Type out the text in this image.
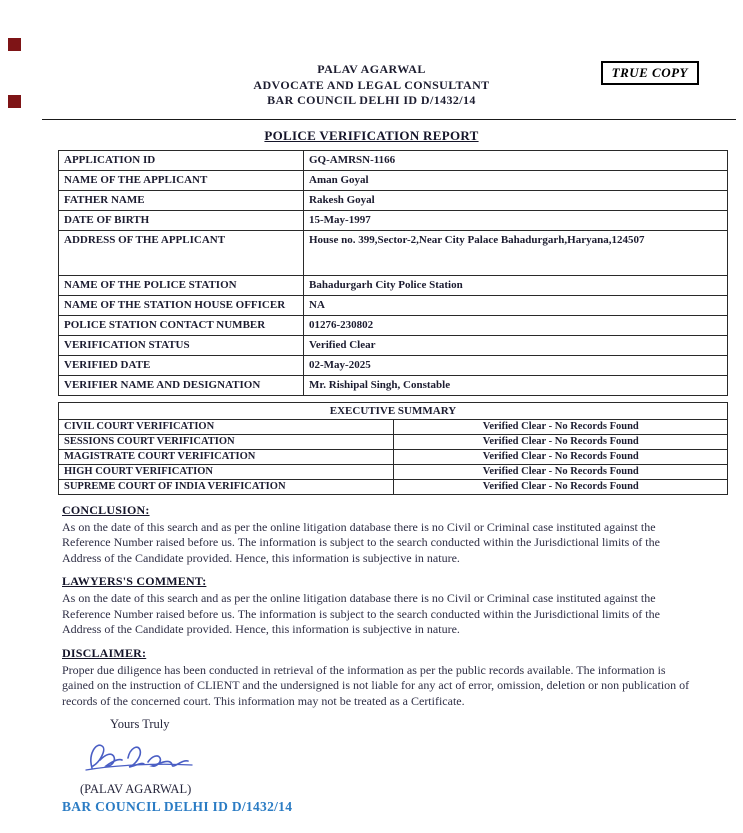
TRUE COPY
PALAV AGARWAL
ADVOCATE AND LEGAL CONSULTANT
BAR COUNCIL DELHI ID D/1432/14
POLICE VERIFICATION REPORT
APPLICATION ID	GQ-AMRSN-1166
NAME OF THE APPLICANT	Aman Goyal
FATHER NAME	Rakesh Goyal
DATE OF BIRTH	15-May-1997
ADDRESS OF THE APPLICANT	House no. 399,Sector-2,Near City Palace Bahadurgarh,Haryana,124507
NAME OF THE POLICE STATION	Bahadurgarh City Police Station
NAME OF THE STATION HOUSE OFFICER	NA
POLICE STATION CONTACT NUMBER	01276-230802
VERIFICATION STATUS	Verified Clear
VERIFIED DATE	02-May-2025
VERIFIER NAME AND DESIGNATION	Mr. Rishipal Singh, Constable
EXECUTIVE SUMMARY	
CIVIL COURT VERIFICATION	Verified Clear - No Records Found
SESSIONS COURT VERIFICATION	Verified Clear - No Records Found
MAGISTRATE COURT VERIFICATION	Verified Clear - No Records Found
HIGH COURT VERIFICATION	Verified Clear - No Records Found
SUPREME COURT OF INDIA VERIFICATION	Verified Clear - No Records Found
CONCLUSION:
As on the date of this search and as per the online litigation database there is no Civil or Criminal case instituted against the Reference Number raised before us. The information is subject to the search conducted within the Jurisdictional limits of the Address of the Candidate provided. Hence, this information is subjective in nature.
LAWYERS'S COMMENT:
As on the date of this search and as per the online litigation database there is no Civil or Criminal case instituted against the Reference Number raised before us. The information is subject to the search conducted within the Jurisdictional limits of the Address of the Candidate provided. Hence, this information is subjective in nature.
DISCLAIMER:
Proper due diligence has been conducted in retrieval of the information as per the public records available. The information is gained on the instruction of CLIENT and the undersigned is not liable for any act of error, omission, deletion or non publication of records of the concerned court. This information may not be treated as a Certificate.
Yours Truly
(PALAV AGARWAL)
BAR COUNCIL DELHI ID D/1432/14
